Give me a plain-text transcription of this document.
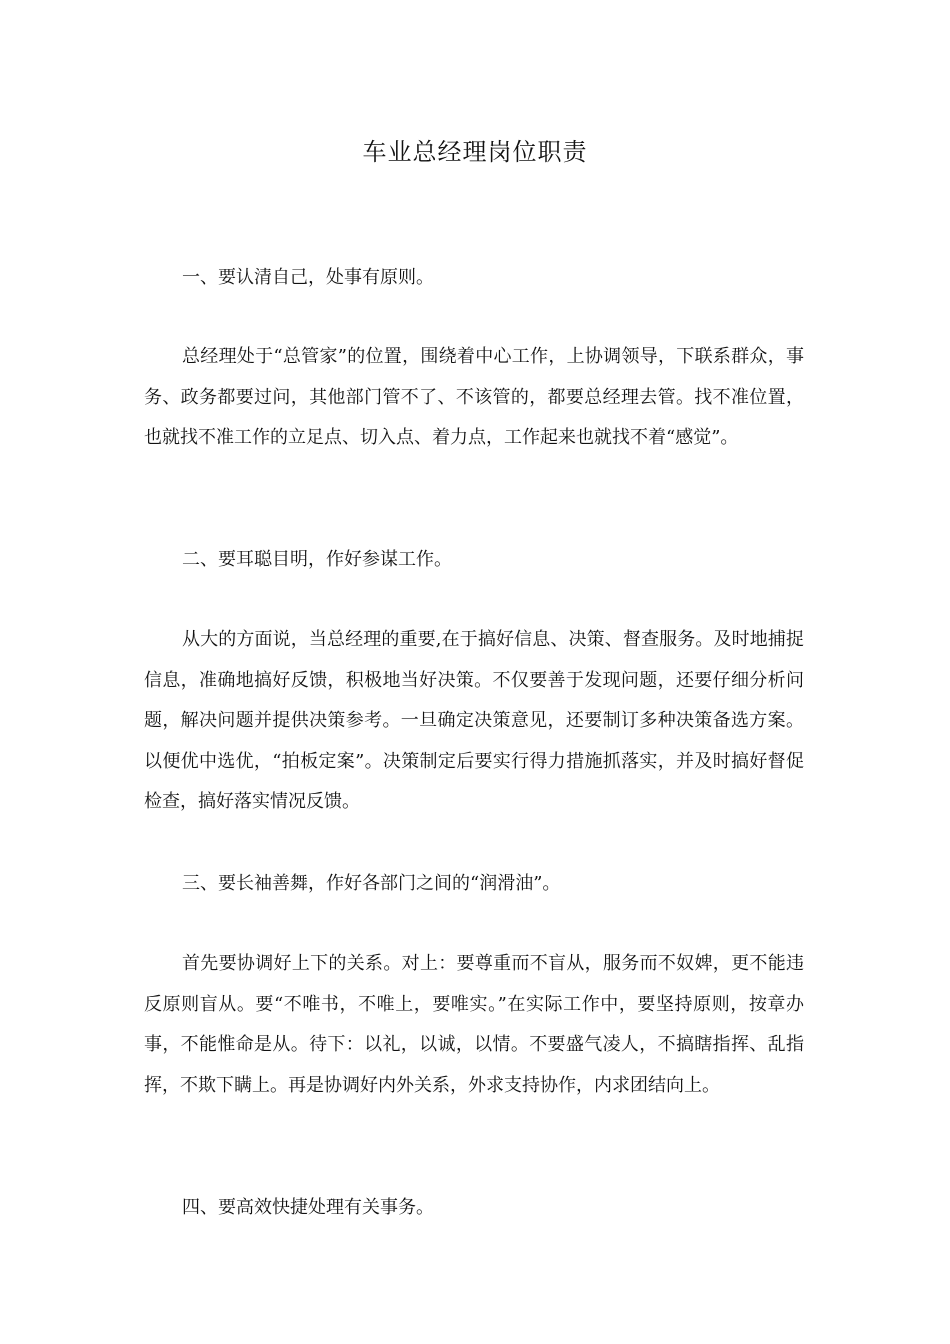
车业总经理岗位职责

一、要认清自己，处事有原则。

总经理处于“总管家”的位置，围绕着中心工作，上协调领导，下联系群众，事务、政务都要过问，其他部门管不了、不该管的，都要总经理去管。找不准位置，也就找不准工作的立足点、切入点、着力点，工作起来也就找不着“感觉”。

二、要耳聪目明，作好参谋工作。

从大的方面说，当总经理的重要,在于搞好信息、决策、督查服务。及时地捕捉信息，准确地搞好反馈，积极地当好决策。不仅要善于发现问题，还要仔细分析问题，解决问题并提供决策参考。一旦确定决策意见，还要制订多种决策备选方案。以便优中选优，“拍板定案”。决策制定后要实行得力措施抓落实，并及时搞好督促检查，搞好落实情况反馈。

三、要长袖善舞，作好各部门之间的“润滑油”。

首先要协调好上下的关系。对上：要尊重而不盲从，服务而不奴婢，更不能违反原则盲从。要“不唯书，不唯上，要唯实。”在实际工作中，要坚持原则，按章办事，不能惟命是从。待下：以礼，以诚，以情。不要盛气凌人，不搞瞎指挥、乱指挥，不欺下瞒上。再是协调好内外关系，外求支持协作，内求团结向上。

四、要高效快捷处理有关事务。
